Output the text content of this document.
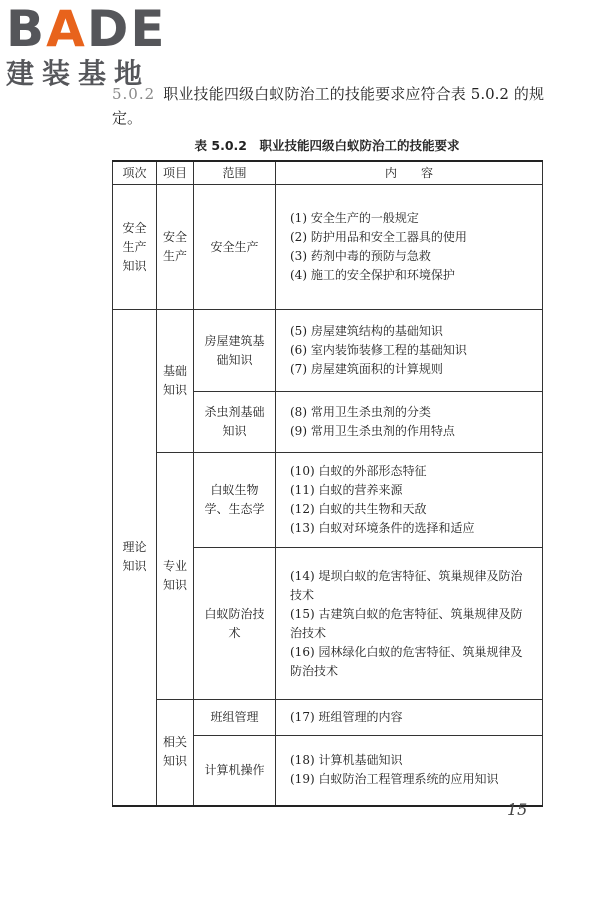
BADE
建装基地
5.0.2 职业技能四级白蚁防治工的技能要求应符合表 5.0.2 的规定。
表 5.0.2　职业技能四级白蚁防治工的技能要求
项次	项目	范围	内容
安全生产知识	安全生产	安全生产	(1) 安全生产的一般规定
(2) 防护用品和安全工器具的使用
(3) 药剂中毒的预防与急救
(4) 施工的安全保护和环境保护

理论知识	基础知识	房屋建筑基础知识	(5) 房屋建筑结构的基础知识
(6) 室内装饰装修工程的基础知识
(7) 房屋建筑面积的计算规则

		杀虫剂基础知识	(8) 常用卫生杀虫剂的分类
(9) 常用卫生杀虫剂的作用特点

	专业知识	白蚁生物学、生态学	(10) 白蚁的外部形态特征
(11) 白蚁的营养来源
(12) 白蚁的共生物和天敌
(13) 白蚁对环境条件的选择和适应

		白蚁防治技术	(14) 堤坝白蚁的危害特征、筑巢规律及防治技术
(15) 古建筑白蚁的危害特征、筑巢规律及防治技术
(16) 园林绿化白蚁的危害特征、筑巢规律及防治技术

	相关知识	班组管理	(17) 班组管理的内容

		计算机操作	(18) 计算机基础知识
(19) 白蚁防治工程管理系统的应用知识
15
